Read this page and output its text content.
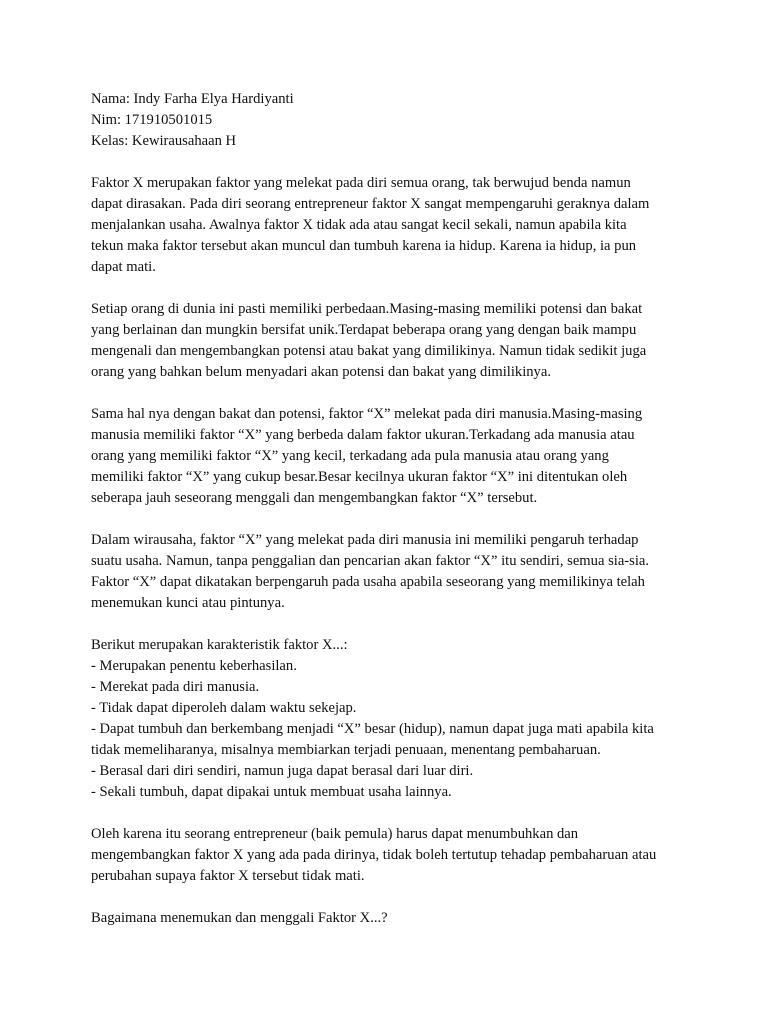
Nama: Indy Farha Elya Hardiyanti
Nim: 171910501015
Kelas: Kewirausahaan H

Faktor X merupakan faktor yang melekat pada diri semua orang, tak berwujud benda namun
dapat dirasakan. Pada diri seorang entrepreneur faktor X sangat mempengaruhi geraknya dalam
menjalankan usaha. Awalnya faktor X tidak ada atau sangat kecil sekali, namun apabila kita
tekun maka faktor tersebut akan muncul dan tumbuh karena ia hidup. Karena ia hidup, ia pun
dapat mati.

Setiap orang di dunia ini pasti memiliki perbedaan.Masing-masing memiliki potensi dan bakat
yang berlainan dan mungkin bersifat unik.Terdapat beberapa orang yang dengan baik mampu
mengenali dan mengembangkan potensi atau bakat yang dimilikinya. Namun tidak sedikit juga
orang yang bahkan belum menyadari akan potensi dan bakat yang dimilikinya.

Sama hal nya dengan bakat dan potensi, faktor “X” melekat pada diri manusia.Masing-masing
manusia memiliki faktor “X” yang berbeda dalam faktor ukuran.Terkadang ada manusia atau
orang yang memiliki faktor “X” yang kecil, terkadang ada pula manusia atau orang yang
memiliki faktor “X” yang cukup besar.Besar kecilnya ukuran faktor “X” ini ditentukan oleh
seberapa jauh seseorang menggali dan mengembangkan faktor “X” tersebut.

Dalam wirausaha, faktor “X” yang melekat pada diri manusia ini memiliki pengaruh terhadap
suatu usaha. Namun, tanpa penggalian dan pencarian akan faktor “X” itu sendiri, semua sia-sia.
Faktor “X” dapat dikatakan berpengaruh pada usaha apabila seseorang yang memilikinya telah
menemukan kunci atau pintunya.

Berikut merupakan karakteristik faktor X...:
- Merupakan penentu keberhasilan.
- Merekat pada diri manusia.
- Tidak dapat diperoleh dalam waktu sekejap.
- Dapat tumbuh dan berkembang menjadi “X” besar (hidup), namun dapat juga mati apabila kita
tidak memeliharanya, misalnya membiarkan terjadi penuaan, menentang pembaharuan.
- Berasal dari diri sendiri, namun juga dapat berasal dari luar diri.
- Sekali tumbuh, dapat dipakai untuk membuat usaha lainnya.

Oleh karena itu seorang entrepreneur (baik pemula) harus dapat menumbuhkan dan
mengembangkan faktor X yang ada pada dirinya, tidak boleh tertutup tehadap pembaharuan atau
perubahan supaya faktor X tersebut tidak mati.

Bagaimana menemukan dan menggali Faktor X...?
